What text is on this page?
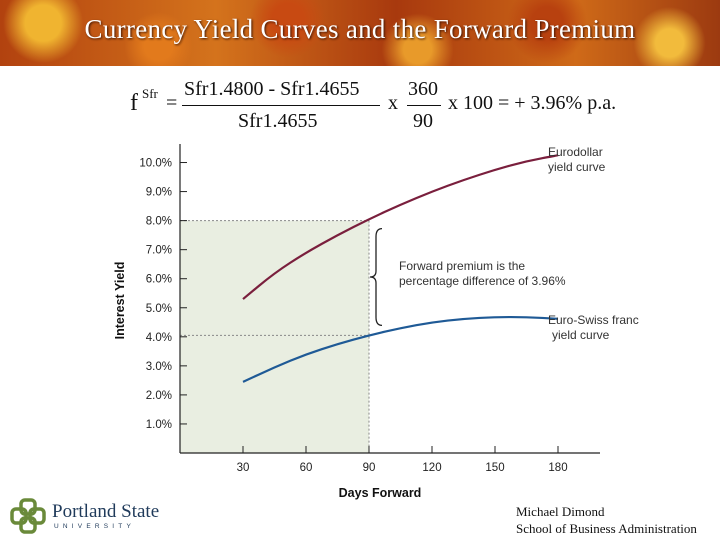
Currency Yield Curves and the Forward Premium
f Sfr =
Sfr1.4800 - Sfr1.4655
Sfr1.4655
x
360
90
x 100 = + 3.96% p.a.
10.0%
9.0%
8.0%
7.0%
6.0%
5.0%
4.0%
3.0%
2.0%
1.0%
30	60	90	120	150	180
Days Forward
Interest Yield
Eurodollar
yield curve
Euro-Swiss franc
yield curve
Forward premium is the
percentage difference of 3.96%
Portland State
UNIVERSITY
Michael Dimond
School of Business Administration
